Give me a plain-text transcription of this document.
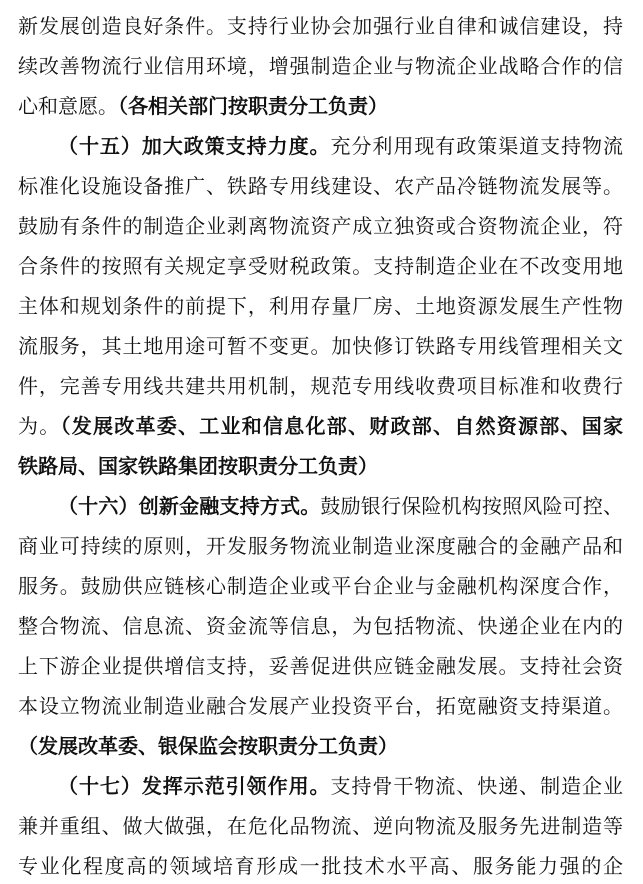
新发展创造良好条件。支持行业协会加强行业自律和诚信建设，持
续改善物流行业信用环境，增强制造企业与物流企业战略合作的信
心和意愿。（各相关部门按职责分工负责）
（十五）加大政策支持力度。充分利用现有政策渠道支持物流
标准化设施设备推广、铁路专用线建设、农产品冷链物流发展等。
鼓励有条件的制造企业剥离物流资产成立独资或合资物流企业，符
合条件的按照有关规定享受财税政策。支持制造企业在不改变用地
主体和规划条件的前提下，利用存量厂房、土地资源发展生产性物
流服务，其土地用途可暂不变更。加快修订铁路专用线管理相关文
件，完善专用线共建共用机制，规范专用线收费项目标准和收费行
为。（发展改革委、工业和信息化部、财政部、自然资源部、国家
铁路局、国家铁路集团按职责分工负责）
（十六）创新金融支持方式。鼓励银行保险机构按照风险可控、
商业可持续的原则，开发服务物流业制造业深度融合的金融产品和
服务。鼓励供应链核心制造企业或平台企业与金融机构深度合作，
整合物流、信息流、资金流等信息，为包括物流、快递企业在内的
上下游企业提供增信支持，妥善促进供应链金融发展。支持社会资
本设立物流业制造业融合发展产业投资平台，拓宽融资支持渠道。
（发展改革委、银保监会按职责分工负责）
（十七）发挥示范引领作用。支持骨干物流、快递、制造企业
兼并重组、做大做强，在危化品物流、逆向物流及服务先进制造等
专业化程度高的领域培育形成一批技术水平高、服务能力强的企
